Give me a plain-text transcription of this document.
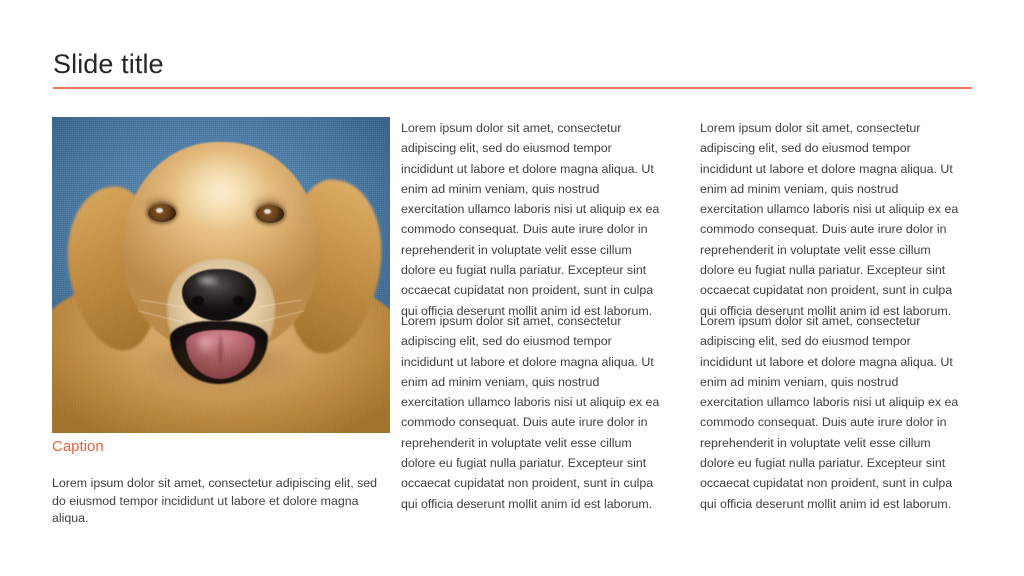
Slide title
Caption
Lorem ipsum dolor sit amet, consectetur adipiscing elit, sed do eiusmod tempor incididunt ut labore et dolore magna aliqua.

Lorem ipsum dolor sit amet, consectetur adipiscing elit, sed do eiusmod tempor incididunt ut labore et dolore magna aliqua. Ut enim ad minim veniam, quis nostrud exercitation ullamco laboris nisi ut aliquip ex ea commodo consequat. Duis aute irure dolor in reprehenderit in voluptate velit esse cillum dolore eu fugiat nulla pariatur. Excepteur sint occaecat cupidatat non proident, sunt in culpa qui officia deserunt mollit anim id est laborum.

Lorem ipsum dolor sit amet, consectetur adipiscing elit, sed do eiusmod tempor incididunt ut labore et dolore magna aliqua. Ut enim ad minim veniam, quis nostrud exercitation ullamco laboris nisi ut aliquip ex ea commodo consequat. Duis aute irure dolor in reprehenderit in voluptate velit esse cillum dolore eu fugiat nulla pariatur. Excepteur sint occaecat cupidatat non proident, sunt in culpa qui officia deserunt mollit anim id est laborum.

Lorem ipsum dolor sit amet, consectetur adipiscing elit, sed do eiusmod tempor incididunt ut labore et dolore magna aliqua. Ut enim ad minim veniam, quis nostrud exercitation ullamco laboris nisi ut aliquip ex ea commodo consequat. Duis aute irure dolor in reprehenderit in voluptate velit esse cillum dolore eu fugiat nulla pariatur. Excepteur sint occaecat cupidatat non proident, sunt in culpa qui officia deserunt mollit anim id est laborum.

Lorem ipsum dolor sit amet, consectetur adipiscing elit, sed do eiusmod tempor incididunt ut labore et dolore magna aliqua. Ut enim ad minim veniam, quis nostrud exercitation ullamco laboris nisi ut aliquip ex ea commodo consequat. Duis aute irure dolor in reprehenderit in voluptate velit esse cillum dolore eu fugiat nulla pariatur. Excepteur sint occaecat cupidatat non proident, sunt in culpa qui officia deserunt mollit anim id est laborum.
